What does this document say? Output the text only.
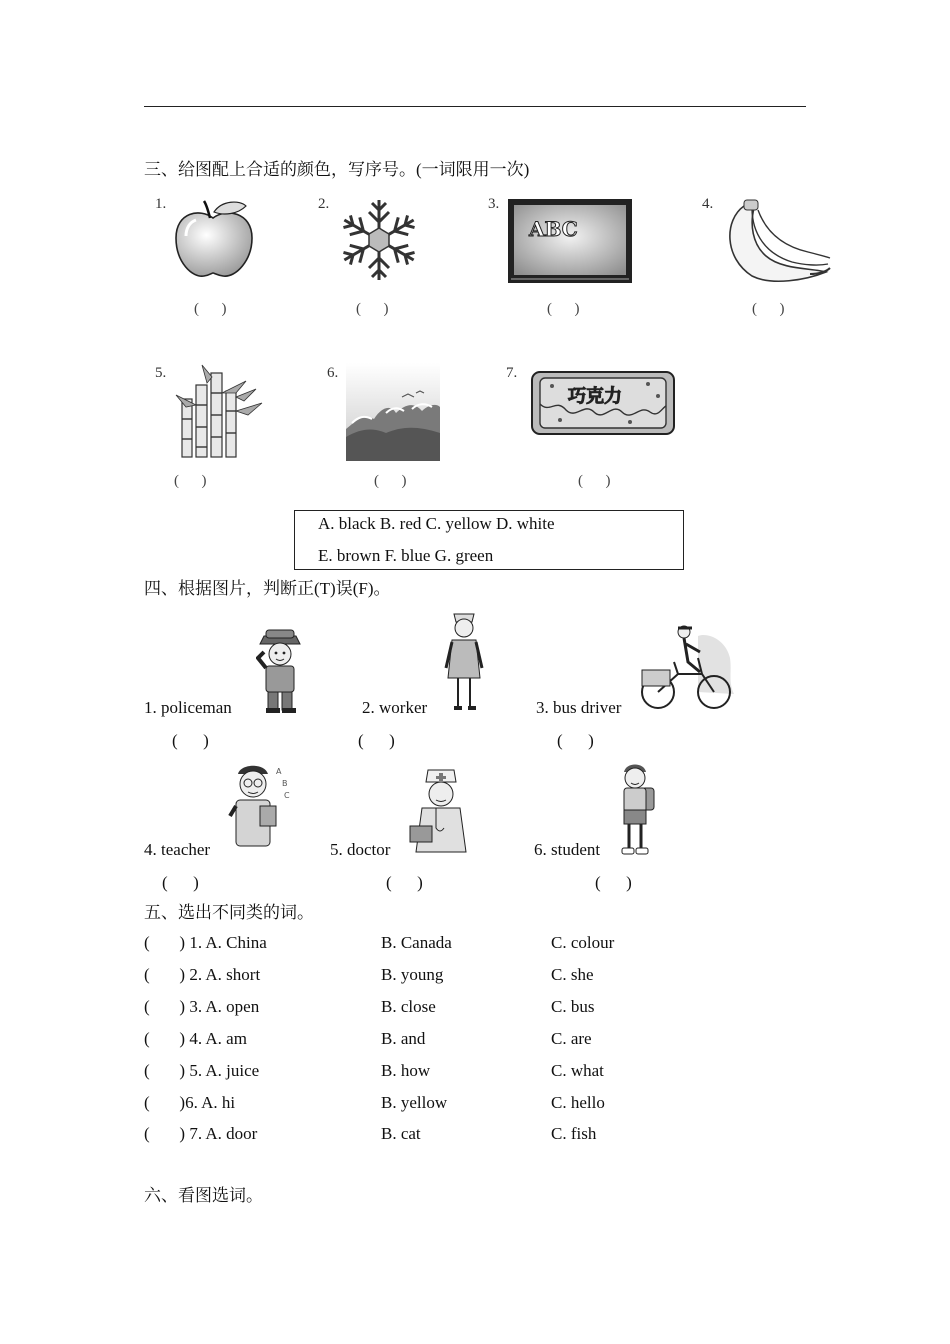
三、给图配上合适的颜色，写序号。(一词限用一次)
1.
(      )
2.
(      )
3.
ABC
(      )
4.
(      )
5.
(      )
6.
(      )
7.
巧克力
(      )
A. black B. red C. yellow D. white
E. brown F. blue G. green
四、根据图片，判断正(T)误(F)。
1. policeman
(      )
2. worker
(      )
3. bus driver
(      )
A
B
C
4. teacher
(      )
5. doctor
(      )
6. student
(      )
五、选出不同类的词。
(       ) 1. A. China	B. Canada	C. colour
(       ) 2. A. short	B. young	C. she
(       ) 3. A. open	B. close	C. bus
(       ) 4. A. am	B. and	C. are
(       ) 5. A. juice	B. how	C. what
(       )6. A. hi	B. yellow	C. hello
(       ) 7. A. door	B. cat	C. fish
六、看图选词。
